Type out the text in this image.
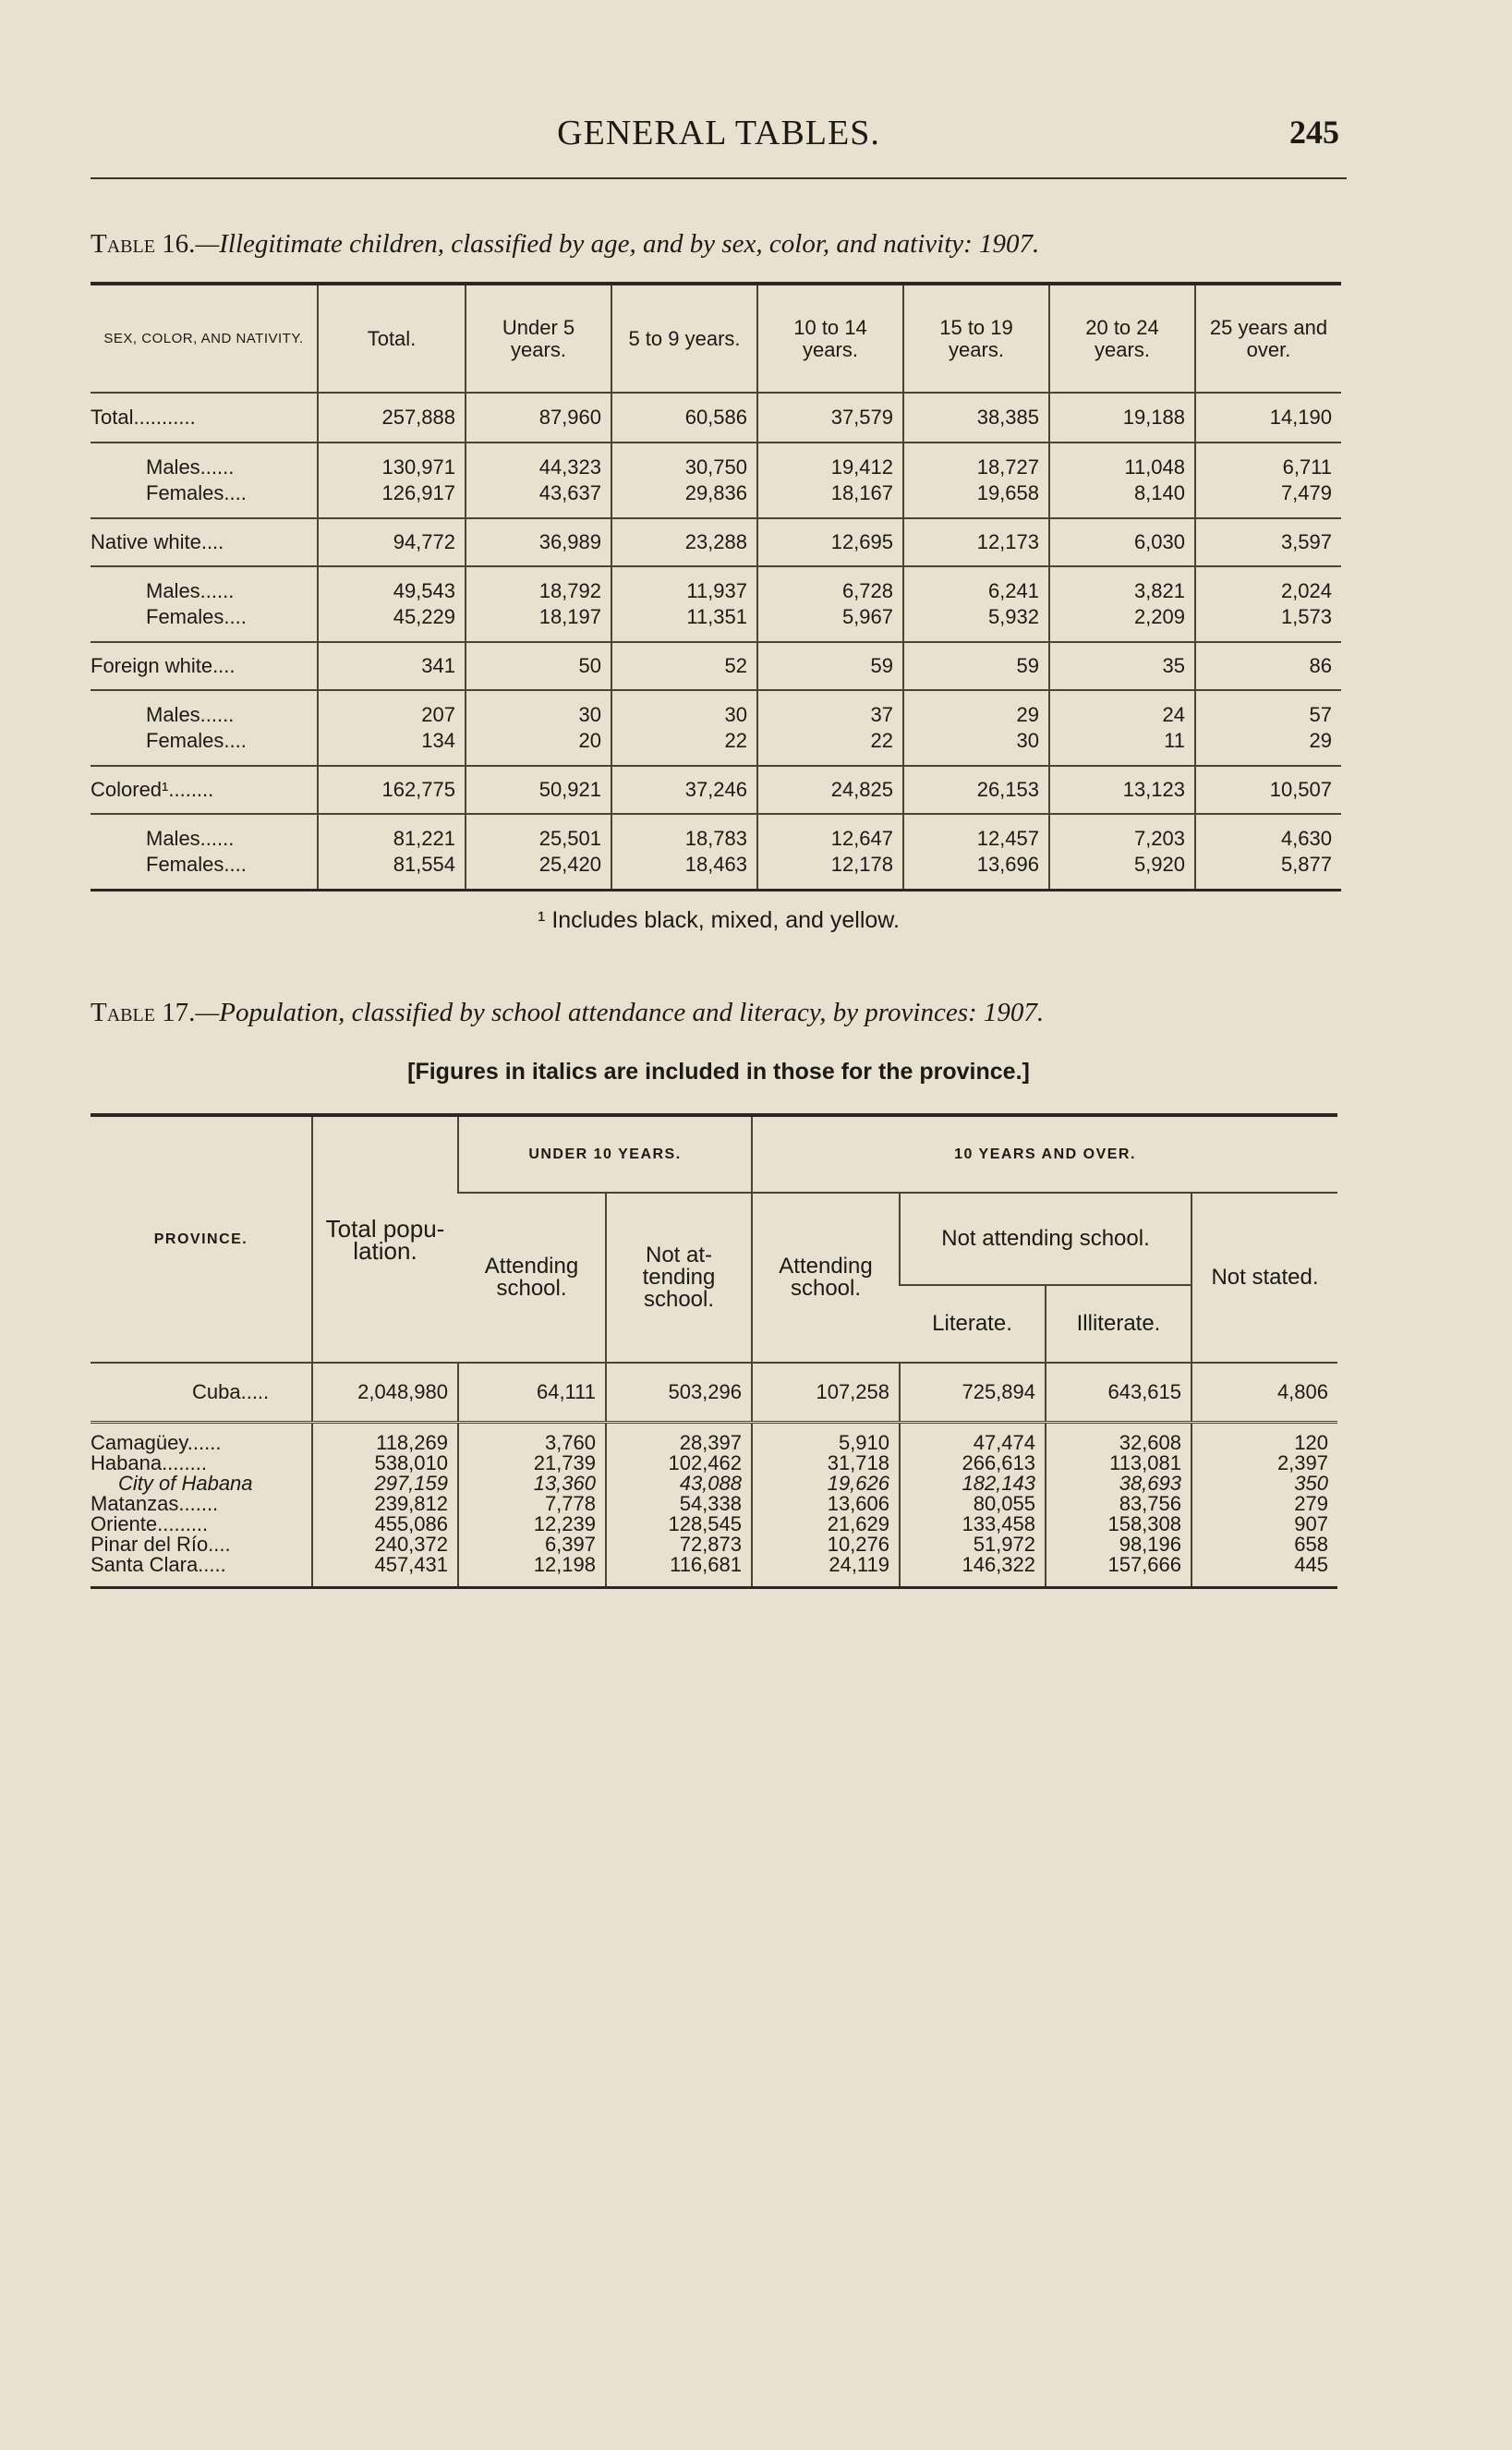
GENERAL TABLES.	245
Table 16.—Illegitimate children, classified by age, and by sex, color, and nativity: 1907.
SEX, COLOR, AND NATIVITY.	Total.	Under 5 years.	5 to 9 years.	10 to 14 years.	15 to 19 years.	20 to 24 years.	25 years and over.
Total...........	257,888	87,960	60,586	37,579	38,385	19,188	14,190
Males......	130,971	44,323	30,750	19,412	18,727	11,048	6,711
Females....	126,917	43,637	29,836	18,167	19,658	8,140	7,479
Native white....	94,772	36,989	23,288	12,695	12,173	6,030	3,597
Males......	49,543	18,792	11,937	6,728	6,241	3,821	2,024
Females....	45,229	18,197	11,351	5,967	5,932	2,209	1,573
Foreign white....	341	50	52	59	59	35	86
Males......	207	30	30	37	29	24	57
Females....	134	20	22	22	30	11	29
Colored¹........	162,775	50,921	37,246	24,825	26,153	13,123	10,507
Males......	81,221	25,501	18,783	12,647	12,457	7,203	4,630
Females....	81,554	25,420	18,463	12,178	13,696	5,920	5,877
¹ Includes black, mixed, and yellow.
Table 17.—Population, classified by school attendance and literacy, by provinces: 1907.
[Figures in italics are included in those for the province.]
PROVINCE.	Total popu- lation.	UNDER 10 YEARS.		10 YEARS AND OVER.			
		Attending school.	Not at- tending school.	Attending school.	Not attending school.		Not stated.
					Literate.	Illiterate.	
Cuba.....	2,048,980	64,111	503,296	107,258	725,894	643,615	4,806
Camagüey......	118,269	3,760	28,397	5,910	47,474	32,608	120
Habana........	538,010	21,739	102,462	31,718	266,613	113,081	2,397
City of Habana	297,159	13,360	43,088	19,626	182,143	38,693	350
Matanzas.......	239,812	7,778	54,338	13,606	80,055	83,756	279
Oriente.........	455,086	12,239	128,545	21,629	133,458	158,308	907
Pinar del Río....	240,372	6,397	72,873	10,276	51,972	98,196	658
Santa Clara.....	457,431	12,198	116,681	24,119	146,322	157,666	445
